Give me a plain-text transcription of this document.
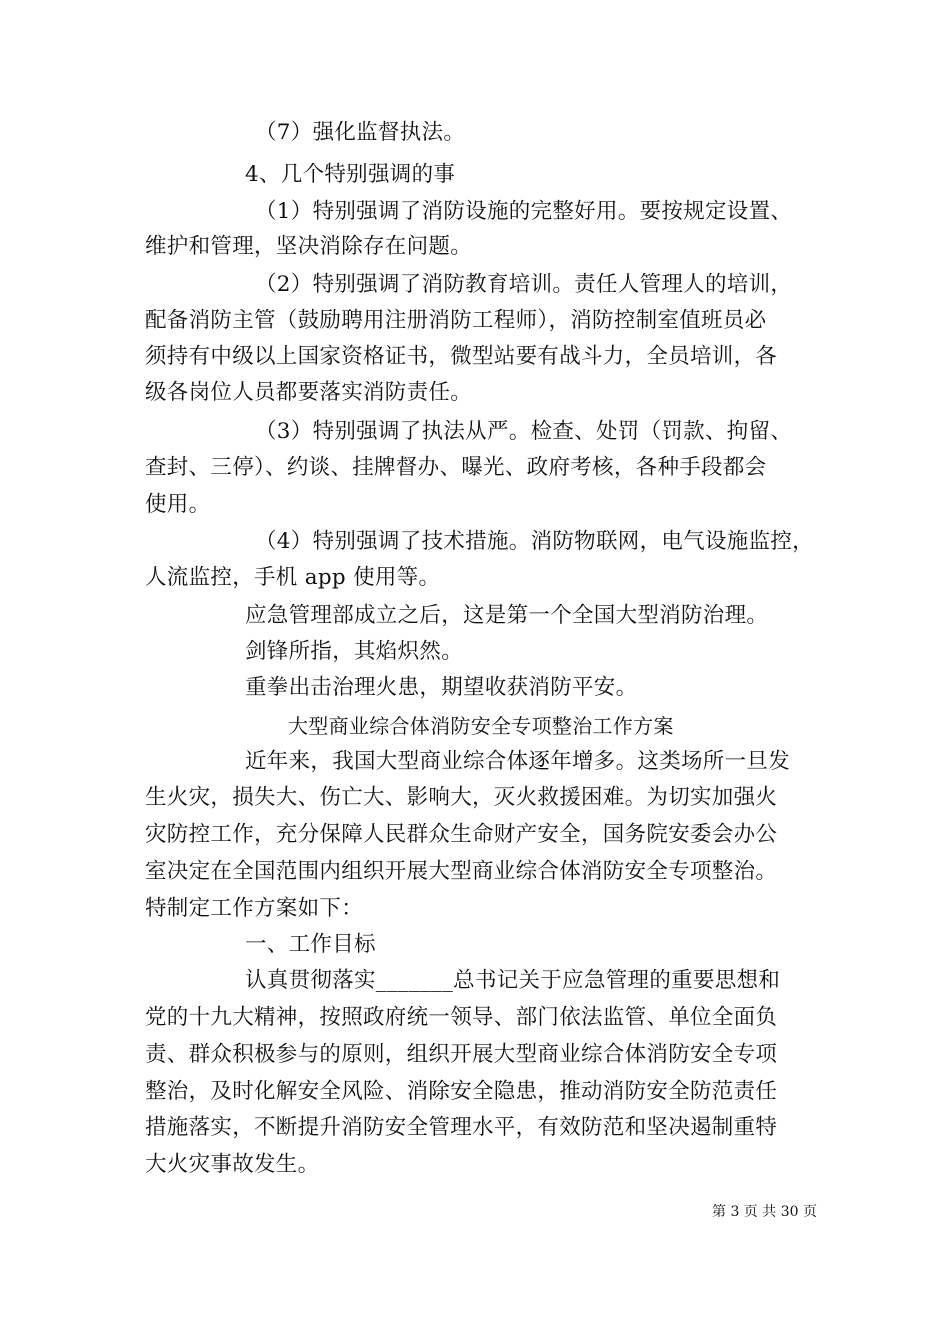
（7）强化监督执法。
4、几个特别强调的事
（1）特别强调了消防设施的完整好用。要按规定设置、
维护和管理，坚决消除存在问题。
（2）特别强调了消防教育培训。责任人管理人的培训，
配备消防主管（鼓励聘用注册消防工程师），消防控制室值班员必
须持有中级以上国家资格证书，微型站要有战斗力，全员培训，各
级各岗位人员都要落实消防责任。
（3）特别强调了执法从严。检查、处罚（罚款、拘留、
查封、三停）、约谈、挂牌督办、曝光、政府考核，各种手段都会
使用。
（4）特别强调了技术措施。消防物联网，电气设施监控，
人流监控，手机 app 使用等。
应急管理部成立之后，这是第一个全国大型消防治理。
剑锋所指，其焰炽然。
重拳出击治理火患，期望收获消防平安。
大型商业综合体消防安全专项整治工作方案
近年来，我国大型商业综合体逐年增多。这类场所一旦发
生火灾，损失大、伤亡大、影响大，灭火救援困难。为切实加强火
灾防控工作，充分保障人民群众生命财产安全，国务院安委会办公
室决定在全国范围内组织开展大型商业综合体消防安全专项整治。
特制定工作方案如下：
一、工作目标
认真贯彻落实_______总书记关于应急管理的重要思想和
党的十九大精神，按照政府统一领导、部门依法监管、单位全面负
责、群众积极参与的原则，组织开展大型商业综合体消防安全专项
整治，及时化解安全风险、消除安全隐患，推动消防安全防范责任
措施落实，不断提升消防安全管理水平，有效防范和坚决遏制重特
大火灾事故发生。
第 3 页 共 30 页
